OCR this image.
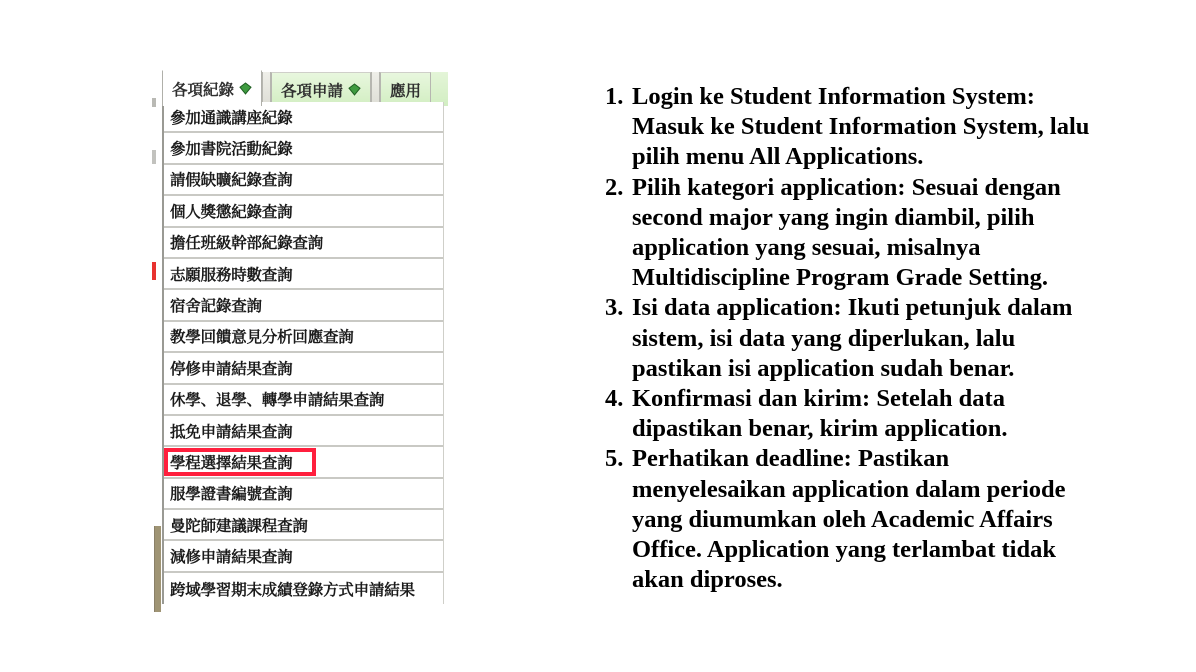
各項紀錄	各項申請	應用
參加通識講座紀錄
參加書院活動紀錄
請假缺曠紀錄查詢
個人獎懲紀錄查詢
擔任班級幹部紀錄查詢
志願服務時數查詢
宿舍記錄查詢
教學回饋意見分析回應查詢
停修申請結果查詢
休學、退學、轉學申請結果查詢
抵免申請結果查詢
學程選擇結果查詢
服學證書編號查詢
曼陀師建議課程查詢
減修申請結果查詢
跨域學習期末成績登錄方式申請結果
1. Login ke Student Information System:
Masuk ke Student Information System, lalu
pilih menu All Applications.
2. Pilih kategori application: Sesuai dengan
second major yang ingin diambil, pilih
application yang sesuai, misalnya
Multidiscipline Program Grade Setting.
3. Isi data application: Ikuti petunjuk dalam
sistem, isi data yang diperlukan, lalu
pastikan isi application sudah benar.
4. Konfirmasi dan kirim: Setelah data
dipastikan benar, kirim application.
5. Perhatikan deadline: Pastikan
menyelesaikan application dalam periode
yang diumumkan oleh Academic Affairs
Office. Application yang terlambat tidak
akan diproses.
